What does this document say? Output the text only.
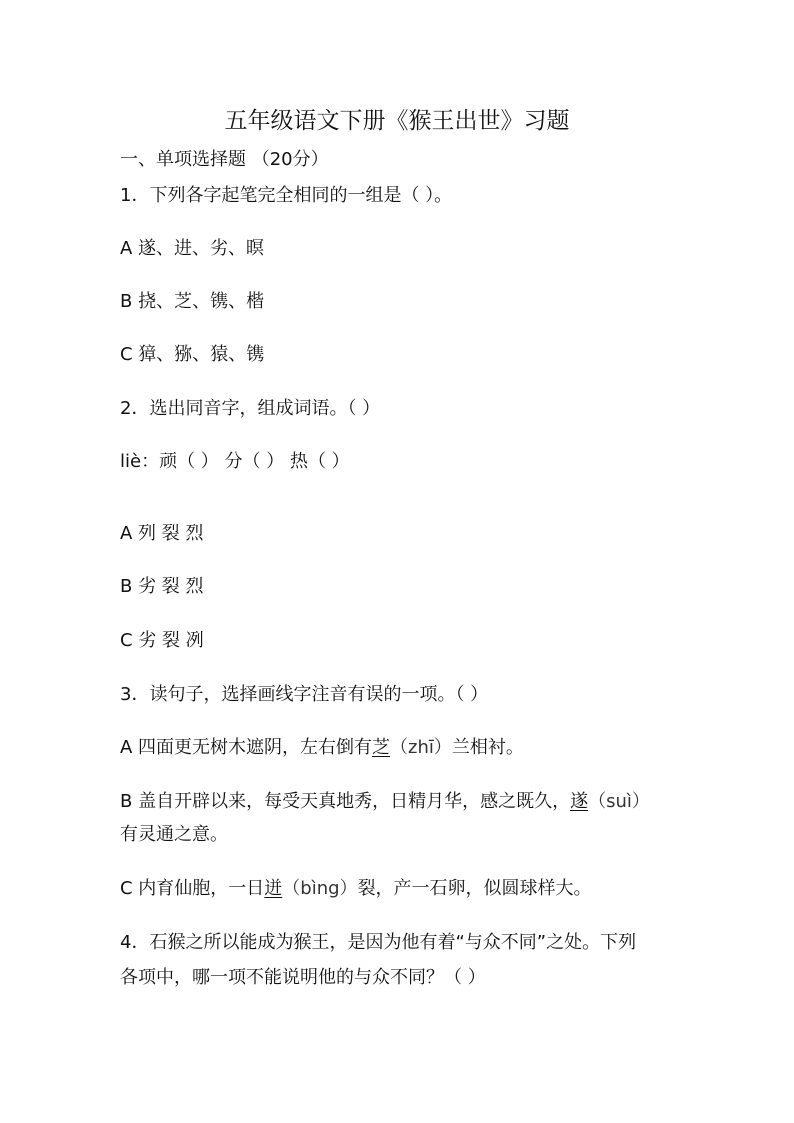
五年级语文下册《猴王出世》习题
一、单项选择题 （20分）
1．下列各字起笔完全相同的一组是（ ）。
A 遂、进、劣、暝
B 挠、芝、镌、楷
C 獐、猕、猿、镌
2．选出同音字，组成词语。（ ）
liè：顽（ ） 分（ ） 热（ ）
A 列 裂 烈
B 劣 裂 烈
C 劣 裂 冽
3．读句子，选择画线字注音有误的一项。（ ）
A 四面更无树木遮阴，左右倒有芝（zhī）兰相衬。
B 盖自开辟以来，每受天真地秀，日精月华，感之既久，遂（suì）
有灵通之意。
C 内育仙胞，一日迸（bìng）裂，产一石卵，似圆球样大。
4．石猴之所以能成为猴王，是因为他有着“与众不同”之处。下列
各项中，哪一项不能说明他的与众不同？（ ）
